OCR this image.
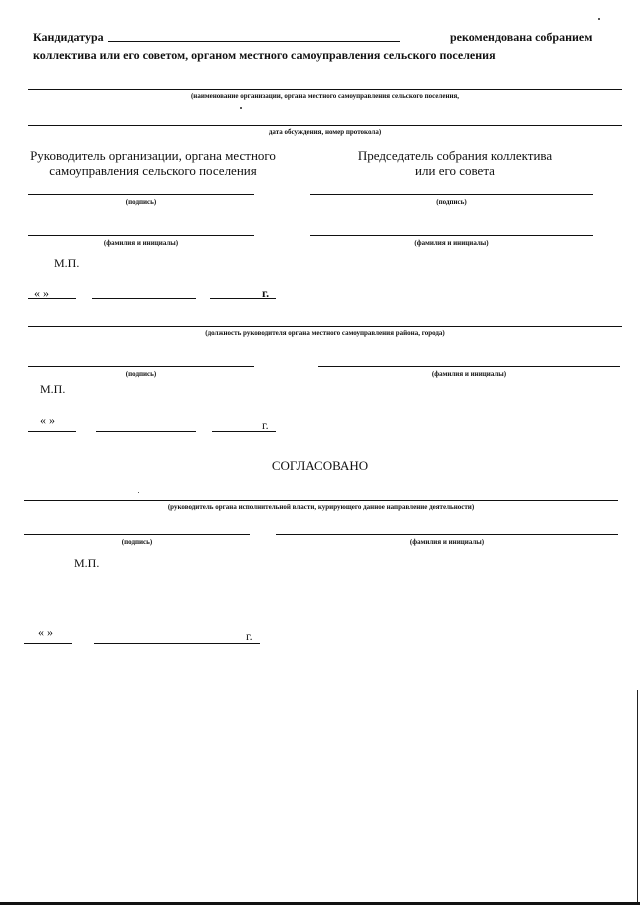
Кандидатура	рекомендована собранием
коллектива или его советом, органом местного самоуправления сельского поселения
(наименование организации, органа местного самоуправления сельского поселения,
дата обсуждения, номер протокола)
Руководитель организации, органа местного
самоуправления сельского поселения
Председатель собрания коллектива
или его совета
(подпись)	(подпись)
(фамилия и инициалы)	(фамилия и инициалы)
М.П.
« »	г.
(должность руководителя органа местного самоуправления района, города)
(подпись)	(фамилия и инициалы)
М.П.
« »	г.
СОГЛАСОВАНО
(руководитель органа исполнительной власти, курирующего данное направление деятельности)
(подпись)	(фамилия и инициалы)
М.П.
« »	г.
